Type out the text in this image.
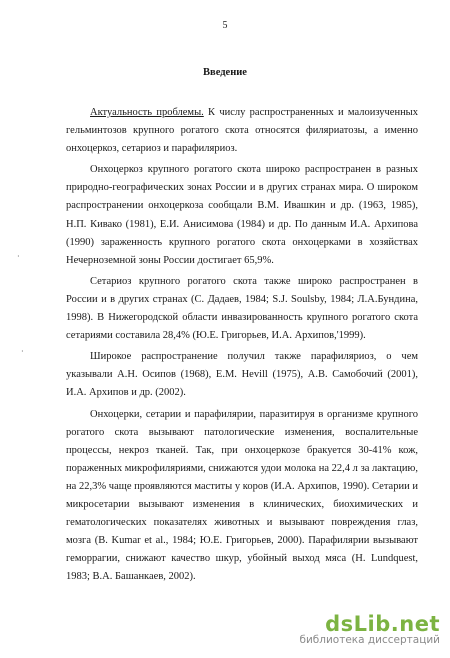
5
Введение
·
·

Актуальность проблемы. К числу распространенных и малоизученных гельминтозов крупного рогатого скота относятся филяриатозы, а именно онхоцеркоз, сетариоз и парафиляриоз.

Онхоцеркоз крупного рогатого скота широко распространен в разных природно-географических зонах России и в других странах мира. О широком распространении онхоцеркоза сообщали В.М. Ивашкин и др. (1963, 1985), Н.П. Кивако (1981), Е.И. Анисимова (1984) и др. По данным И.А. Архипова (1990) зараженность крупного рогатого скота онхоцерками в хозяйствах Нечерноземной зоны России достигает 65,9%.

Сетариоз крупного рогатого скота также широко распространен в России и в других странах (С. Дадаев, 1984; S.J. Soulsby, 1984; Л.А.Бундина, 1998). В Нижегородской области инвазированность крупного рогатого скота сетариями составила 28,4% (Ю.Е. Григорьев, И.А. Архипов,'1999).

Широкое распространение получил также парафиляриоз, о чем указывали А.Н. Осипов (1968), E.M. Hevill (1975), А.В. Самобочий (2001), И.А. Архипов и др. (2002).

Онхоцерки, сетарии и парафилярии, паразитируя в организме крупного рогатого скота вызывают патологические изменения, воспалительные процессы, некроз тканей. Так, при онхоцеркозе бракуется 30-41% кож, пораженных микрофиляриями, снижаются удои молока на 22,4 л за лактацию, на 22,3% чаще проявляются маститы у коров (И.А. Архипов, 1990). Сетарии и микросетарии вызывают изменения в клинических, биохимических и гематологических показателях животных и вызывают повреждения глаз, мозга (B. Kumar et al., 1984; Ю.Е. Григорьев, 2000). Парафилярии вызывают геморрагии, снижают качество шкур, убойный выход мяса (H. Lundquest, 1983; В.А. Башанкаев, 2002).

dsLib.net
библиотека диссертаций
